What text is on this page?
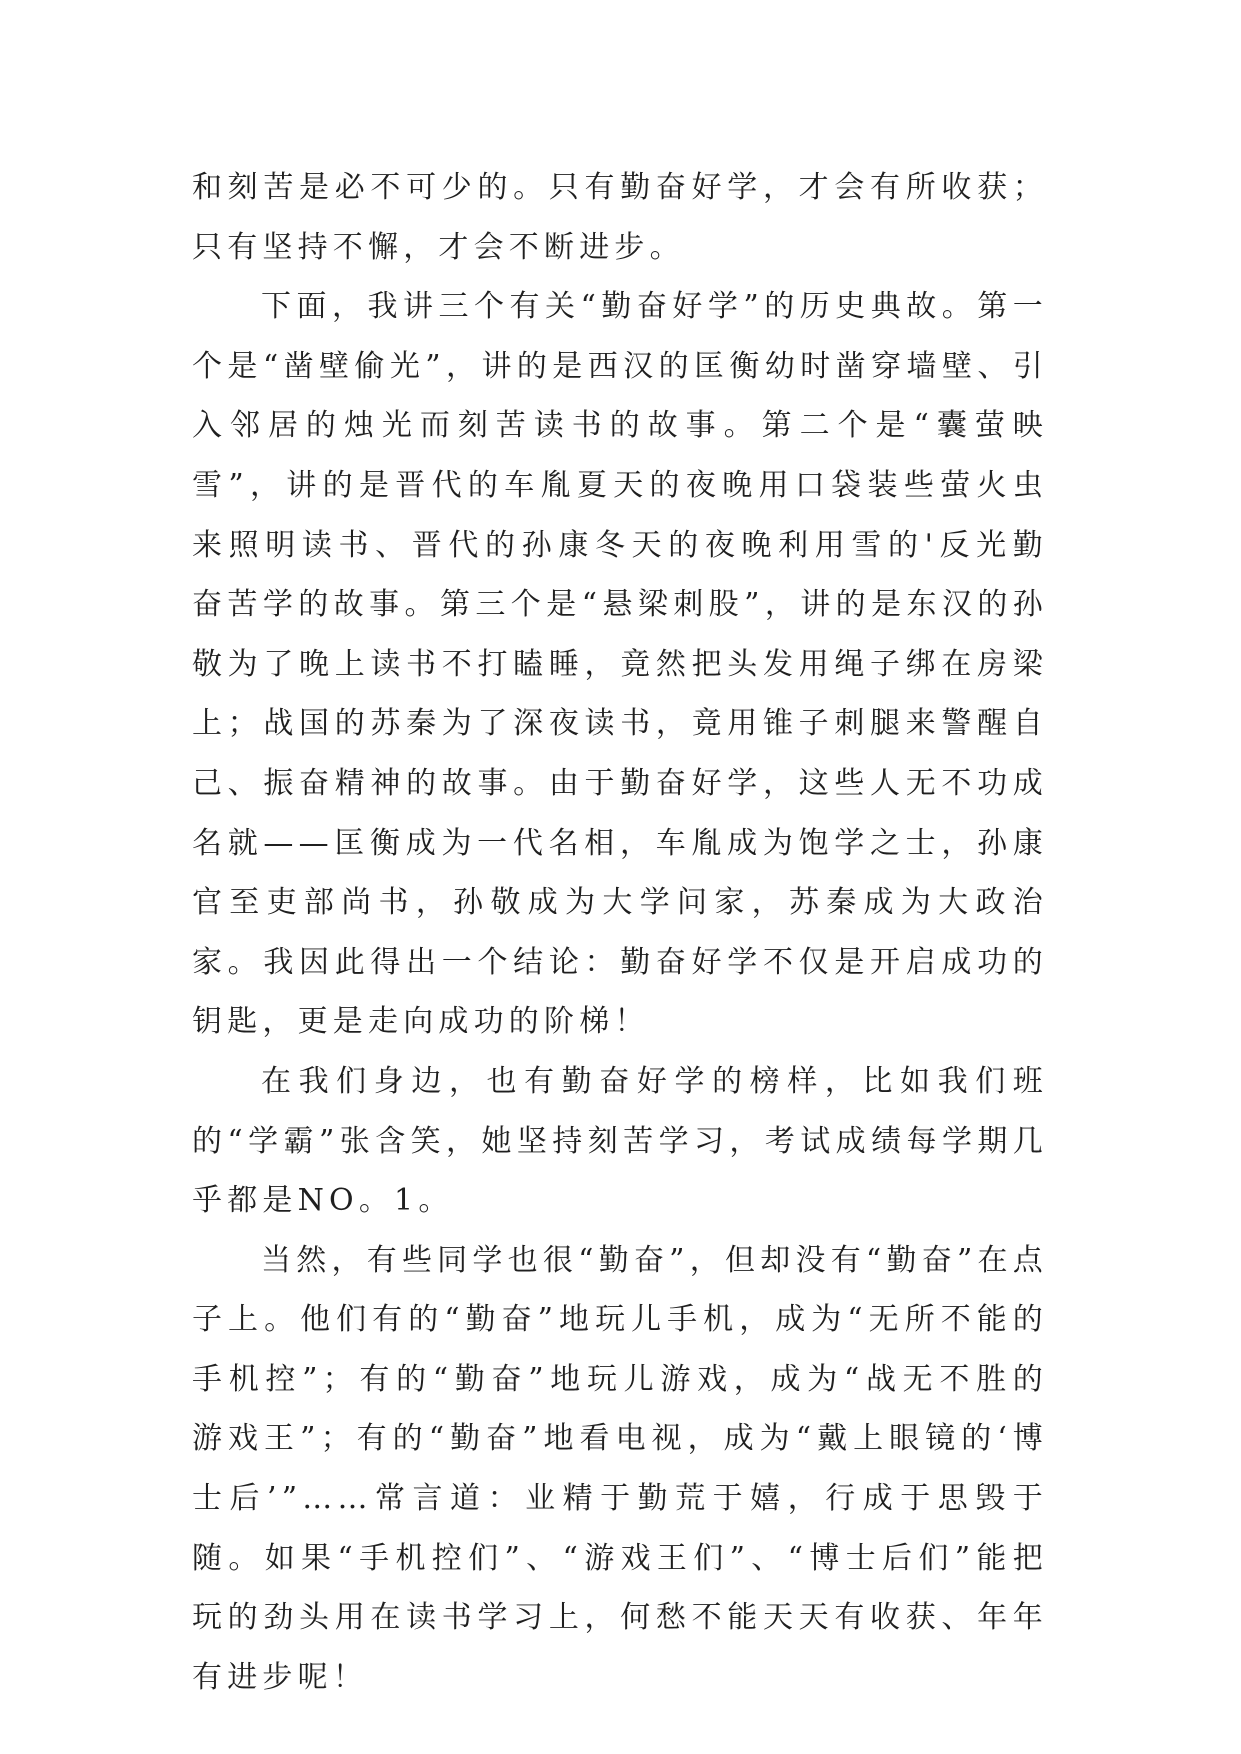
和刻苦是必不可少的。只有勤奋好学，才会有所收获；只有坚持不懈，才会不断进步。

下面，我讲三个有关“勤奋好学”的历史典故。第一个是“凿壁偷光”，讲的是西汉的匡衡幼时凿穿墙壁、引入邻居的烛光而刻苦读书的故事。第二个是“囊萤映雪”，讲的是晋代的车胤夏天的夜晚用口袋装些萤火虫来照明读书、晋代的孙康冬天的夜晚利用雪的'反光勤奋苦学的故事。第三个是“悬梁刺股”，讲的是东汉的孙敬为了晚上读书不打瞌睡，竟然把头发用绳子绑在房梁上；战国的苏秦为了深夜读书，竟用锥子刺腿来警醒自己、振奋精神的故事。由于勤奋好学，这些人无不功成名就——匡衡成为一代名相，车胤成为饱学之士，孙康官至吏部尚书，孙敬成为大学问家，苏秦成为大政治家。我因此得出一个结论：勤奋好学不仅是开启成功的钥匙，更是走向成功的阶梯！

在我们身边，也有勤奋好学的榜样，比如我们班的“学霸”张含笑，她坚持刻苦学习，考试成绩每学期几乎都是NO。1。

当然，有些同学也很“勤奋”，但却没有“勤奋”在点子上。他们有的“勤奋”地玩儿手机，成为“无所不能的手机控”；有的“勤奋”地玩儿游戏，成为“战无不胜的游戏王”；有的“勤奋”地看电视，成为“戴上眼镜的‘博士后’”……常言道：业精于勤荒于嬉，行成于思毁于随。如果“手机控们”、“游戏王们”、“博士后们”能把玩的劲头用在读书学习上，何愁不能天天有收获、年年有进步呢！
